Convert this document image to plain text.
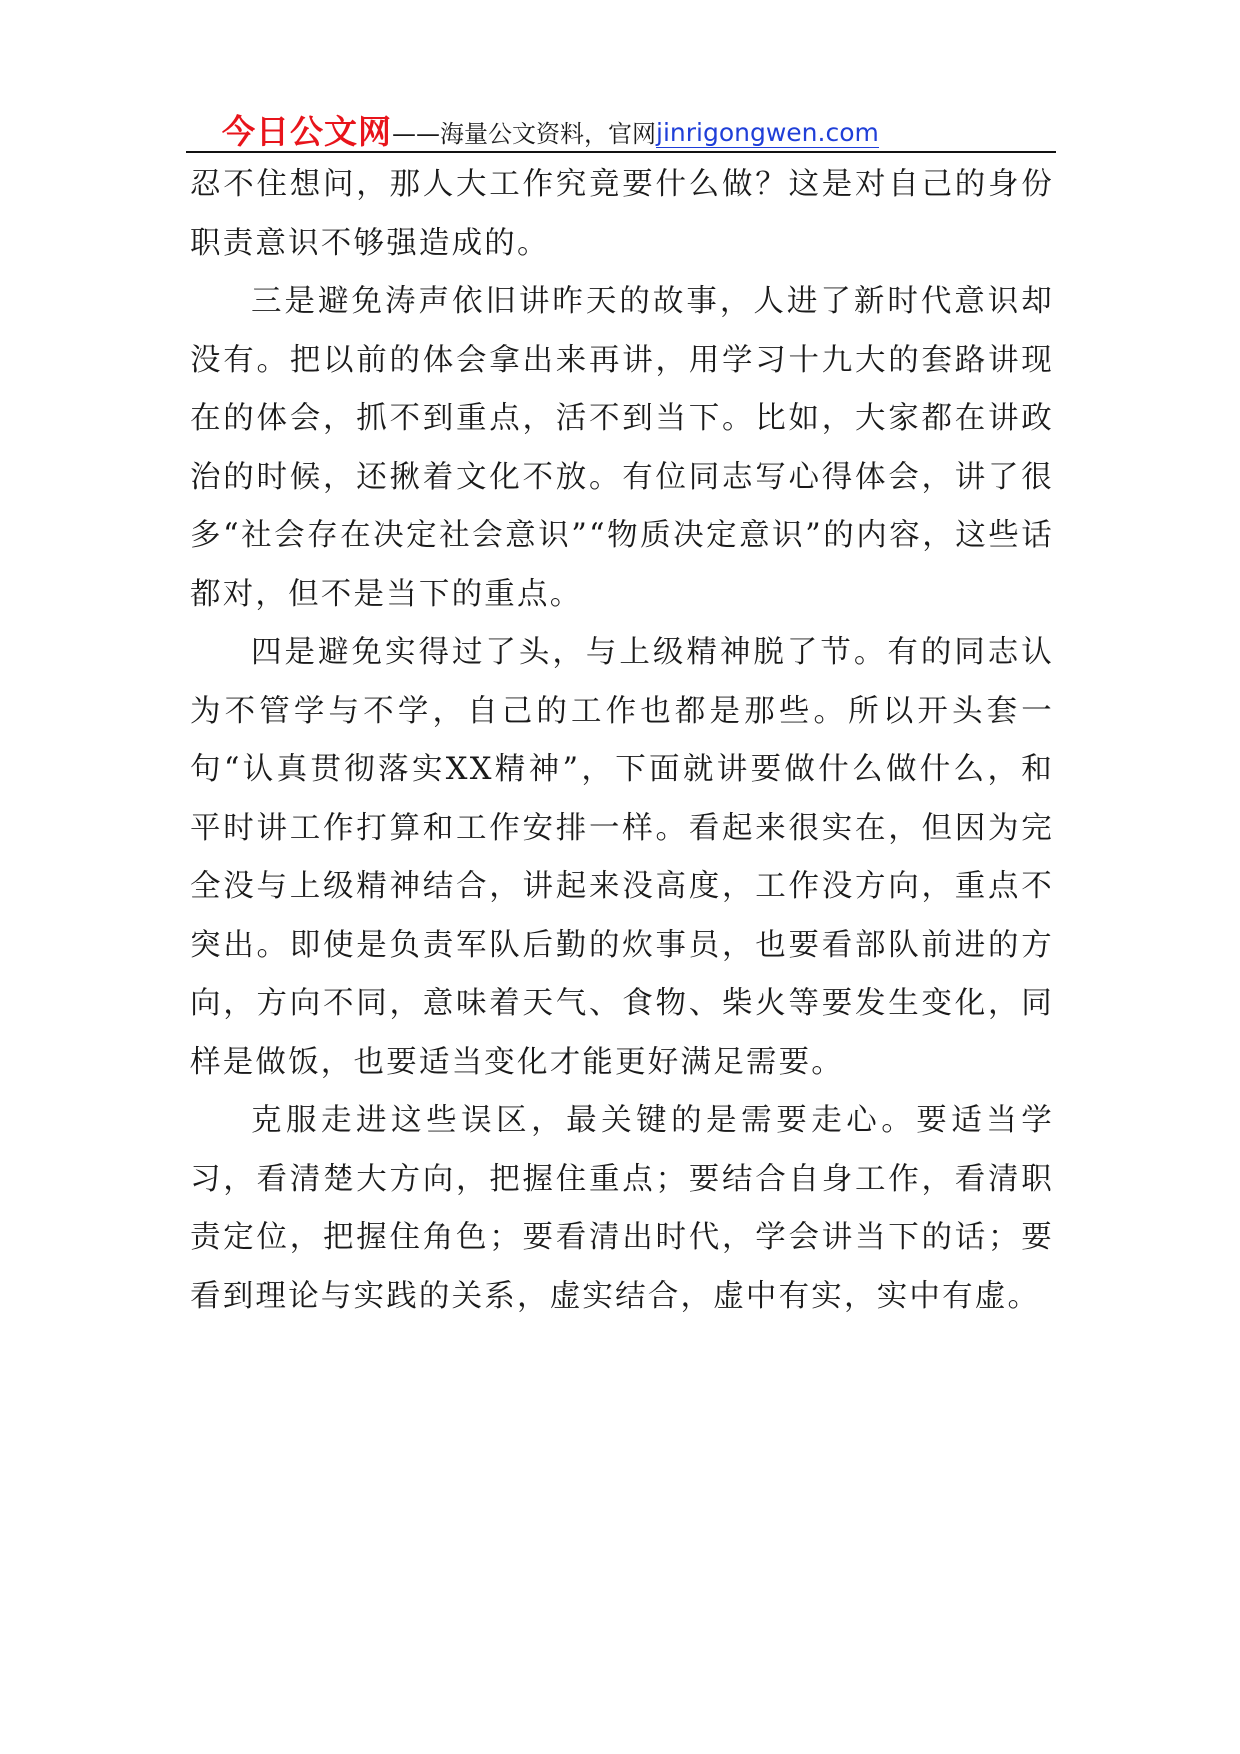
今日公文网 ——海量公文资料，官网 jinrigongwen.com

忍不住想问，那人大工作究竟要什么做？这是对自己的身份职责意识不够强造成的。

三是避免涛声依旧讲昨天的故事，人进了新时代意识却没有。把以前的体会拿出来再讲，用学习十九大的套路讲现在的体会，抓不到重点，活不到当下。比如，大家都在讲政治的时候，还揪着文化不放。有位同志写心得体会，讲了很多“社会存在决定社会意识”“物质决定意识”的内容，这些话都对，但不是当下的重点。

四是避免实得过了头，与上级精神脱了节。有的同志认为不管学与不学，自己的工作也都是那些。所以开头套一句“认真贯彻落实XX精神”，下面就讲要做什么做什么，和平时讲工作打算和工作安排一样。看起来很实在，但因为完全没与上级精神结合，讲起来没高度，工作没方向，重点不突出。即使是负责军队后勤的炊事员，也要看部队前进的方向，方向不同，意味着天气、食物、柴火等要发生变化，同样是做饭，也要适当变化才能更好满足需要。

克服走进这些误区，最关键的是需要走心。要适当学习，看清楚大方向，把握住重点；要结合自身工作，看清职责定位，把握住角色；要看清出时代，学会讲当下的话；要看到理论与实践的关系，虚实结合，虚中有实，实中有虚。
